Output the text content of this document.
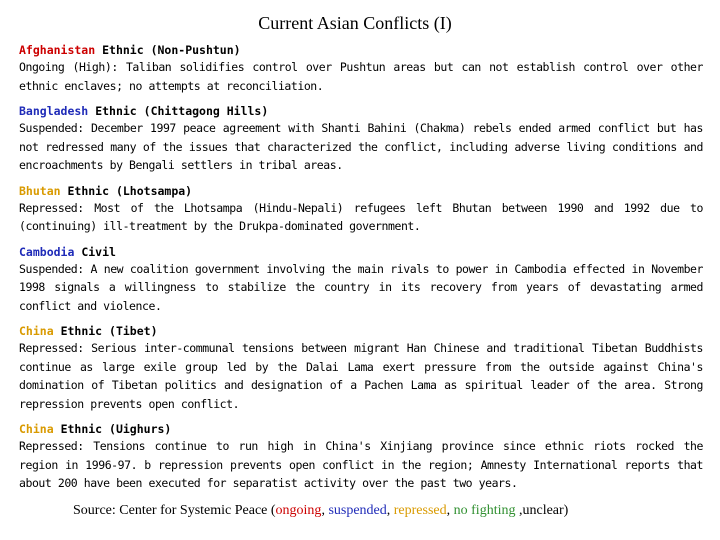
Current Asian Conflicts (I)
Afghanistan Ethnic (Non-Pushtun)
Ongoing (High): Taliban solidifies control over Pushtun areas but can not establish control over other ethnic enclaves; no attempts at reconciliation.
Bangladesh Ethnic (Chittagong Hills)
Suspended: December 1997 peace agreement with Shanti Bahini (Chakma) rebels ended armed conflict but has not redressed many of the issues that characterized the conflict, including adverse living conditions and encroachments by Bengali settlers in tribal areas.
Bhutan Ethnic (Lhotsampa)
Repressed: Most of the Lhotsampa (Hindu-Nepali) refugees left Bhutan between 1990 and 1992 due to (continuing) ill-treatment by the Drukpa-dominated government.
Cambodia Civil
Suspended: A new coalition government involving the main rivals to power in Cambodia effected in November 1998 signals a willingness to stabilize the country in its recovery from years of devastating armed conflict and violence.
China Ethnic (Tibet)
Repressed: Serious inter-communal tensions between migrant Han Chinese and traditional Tibetan Buddhists continue as large exile group led by the Dalai Lama exert pressure from the outside against China's domination of Tibetan politics and designation of a Pachen Lama as spiritual leader of the area. Strong repression prevents open conflict.
China Ethnic (Uighurs)
Repressed: Tensions continue to run high in China's Xinjiang province since ethnic riots rocked the region in 1996-97. b repression prevents open conflict in the region; Amnesty International reports that about 200 have been executed for separatist activity over the past two years.
Source: Center for Systemic Peace (ongoing, suspended, repressed, no fighting ,unclear)
